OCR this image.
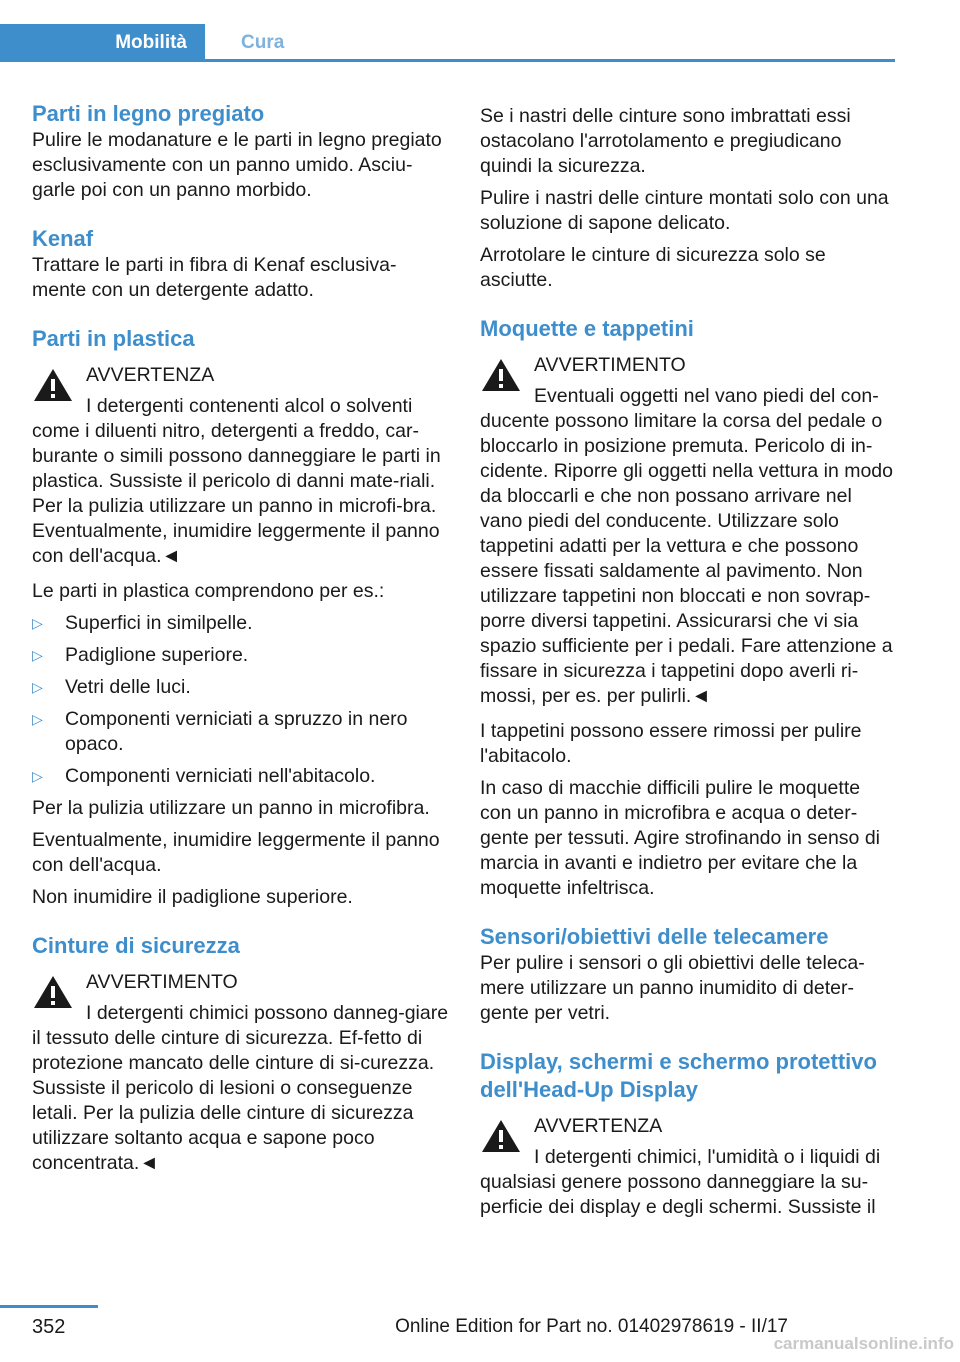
Mobilità	Cura
Parti in legno pregiato

Pulire le modanature e le parti in legno pregiato esclusivamente con un panno umido. Asciu‐garle poi con un panno morbido.

Kenaf

Trattare le parti in fibra di Kenaf esclusiva‐mente con un detergente adatto.

Parti in plastica
AVVERTENZA
I detergenti contenenti alcol o solventi come i diluenti nitro, detergenti a freddo, car‐burante o simili possono danneggiare le parti in plastica. Sussiste il pericolo di danni mate‐riali. Per la pulizia utilizzare un panno in microfi‐bra. Eventualmente, inumidire leggermente il panno con dell'acqua.◄

Le parti in plastica comprendono per es.:

▷ Superfici in similpelle.
▷ Padiglione superiore.
▷ Vetri delle luci.
▷ Componenti verniciati a spruzzo in nero opaco.
▷ Componenti verniciati nell'abitacolo.

Per la pulizia utilizzare un panno in microfibra.

Eventualmente, inumidire leggermente il panno con dell'acqua.

Non inumidire il padiglione superiore.

Cinture di sicurezza
AVVERTIMENTO
I detergenti chimici possono danneg‐giare il tessuto delle cinture di sicurezza. Ef‐fetto di protezione mancato delle cinture di si‐curezza. Sussiste il pericolo di lesioni o conseguenze letali. Per la pulizia delle cinture di sicurezza utilizzare soltanto acqua e sapone poco concentrata.◄

Se i nastri delle cinture sono imbrattati essi ostacolano l'arrotolamento e pregiudicano quindi la sicurezza.

Pulire i nastri delle cinture montati solo con una soluzione di sapone delicato.

Arrotolare le cinture di sicurezza solo se asciutte.

Moquette e tappetini
AVVERTIMENTO
Eventuali oggetti nel vano piedi del con‐ducente possono limitare la corsa del pedale o bloccarlo in posizione premuta. Pericolo di in‐cidente. Riporre gli oggetti nella vettura in modo da bloccarli e che non possano arrivare nel vano piedi del conducente. Utilizzare solo tappetini adatti per la vettura e che possono essere fissati saldamente al pavimento. Non utilizzare tappetini non bloccati e non sovrap‐porre diversi tappetini. Assicurarsi che vi sia spazio sufficiente per i pedali. Fare attenzione a fissare in sicurezza i tappetini dopo averli ri‐mossi, per es. per pulirli.◄

I tappetini possono essere rimossi per pulire l'abitacolo.

In caso di macchie difficili pulire le moquette con un panno in microfibra e acqua o deter‐gente per tessuti. Agire strofinando in senso di marcia in avanti e indietro per evitare che la moquette infeltrisca.

Sensori/obiettivi delle telecamere

Per pulire i sensori o gli obiettivi delle teleca‐mere utilizzare un panno inumidito di deter‐gente per vetri.

Display, schermi e schermo protettivo dell'Head-Up Display
AVVERTENZA
I detergenti chimici, l'umidità o i liquidi di qualsiasi genere possono danneggiare la su‐perficie dei display e degli schermi. Sussiste il
352	Online Edition for Part no. 01402978619 - II/17
carmanualsonline.info
